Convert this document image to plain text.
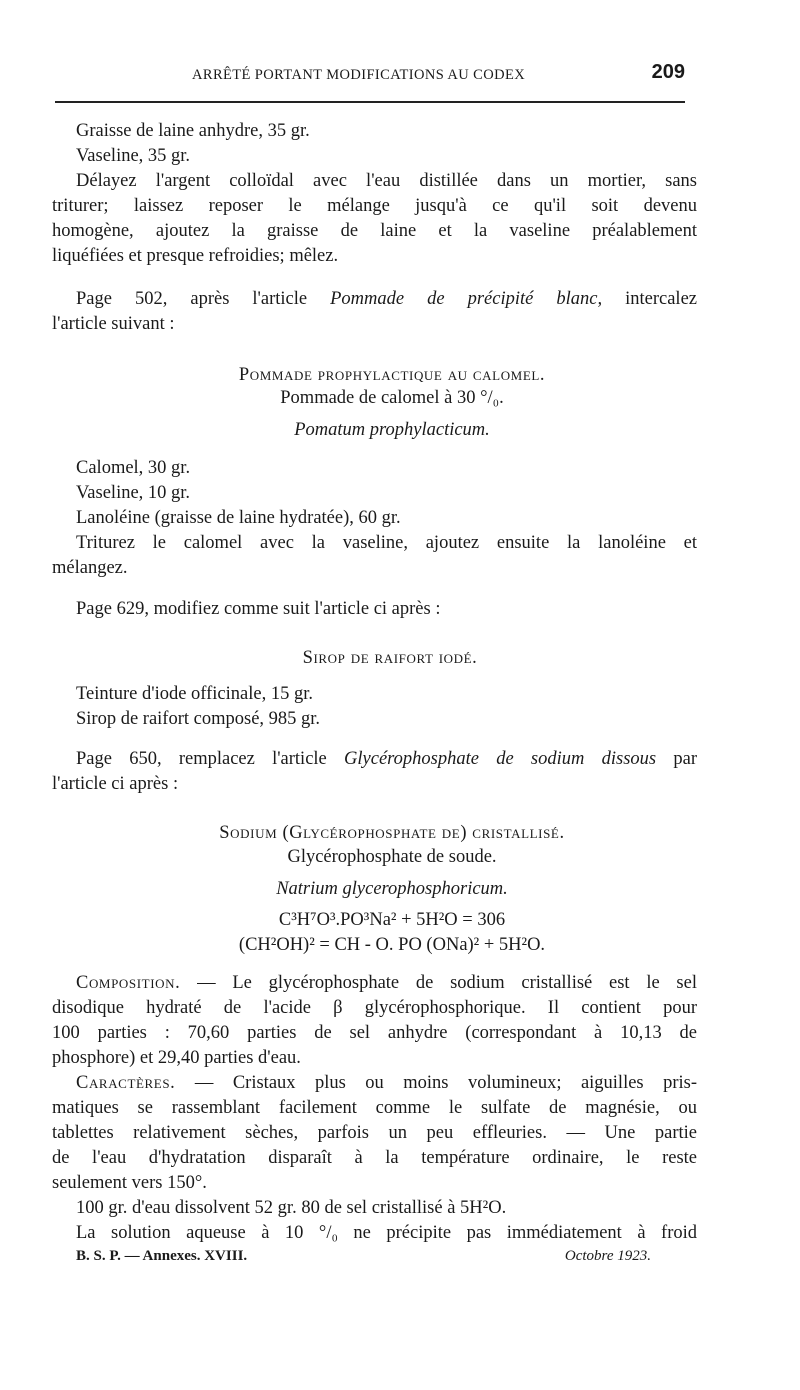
ARRÊTÉ PORTANT MODIFICATIONS AU CODEX	209
Graisse de laine anhydre, 35 gr.
Vaseline, 35 gr.
Délayez l'argent colloïdal avec l'eau distillée dans un mortier, sans
triturer; laissez reposer le mélange jusqu'à ce qu'il soit devenu
homogène, ajoutez la graisse de laine et la vaseline préalablement
liquéfiées et presque refroidies; mêlez.
Page 502, après l'article Pommade de précipité blanc, intercalez
l'article suivant :
Pommade prophylactique au calomel.
Pommade de calomel à 30 °/₀.
Pomatum prophylacticum.
Calomel, 30 gr.
Vaseline, 10 gr.
Lanoléine (graisse de laine hydratée), 60 gr.
Triturez le calomel avec la vaseline, ajoutez ensuite la lanoléine et
mélangez.
Page 629, modifiez comme suit l'article ci après :
Sirop de raifort iodé.
Teinture d'iode officinale, 15 gr.
Sirop de raifort composé, 985 gr.
Page 650, remplacez l'article Glycérophosphate de sodium dissous par
l'article ci après :
Sodium (Glycérophosphate de) cristallisé.
Glycérophosphate de soude.
Natrium glycerophosphoricum.
C³H⁷O³.PO³Na² + 5H²O = 306
(CH²OH)² = CH - O. PO (ONa)² + 5H²O.
Composition. — Le glycérophosphate de sodium cristallisé est le sel
disodique hydraté de l'acide β glycérophosphorique. Il contient pour
100 parties : 70,60 parties de sel anhydre (correspondant à 10,13 de
phosphore) et 29,40 parties d'eau.
Caractères. — Cristaux plus ou moins volumineux; aiguilles pris-
matiques se rassemblant facilement comme le sulfate de magnésie, ou
tablettes relativement sèches, parfois un peu effleuries. — Une partie
de l'eau d'hydratation disparaît à la température ordinaire, le reste
seulement vers 150°.
100 gr. d'eau dissolvent 52 gr. 80 de sel cristallisé à 5H²O.
La solution aqueuse à 10 °/₀ ne précipite pas immédiatement à froid
B. S. P. — Annexes. XVIII.	Octobre 1923.
